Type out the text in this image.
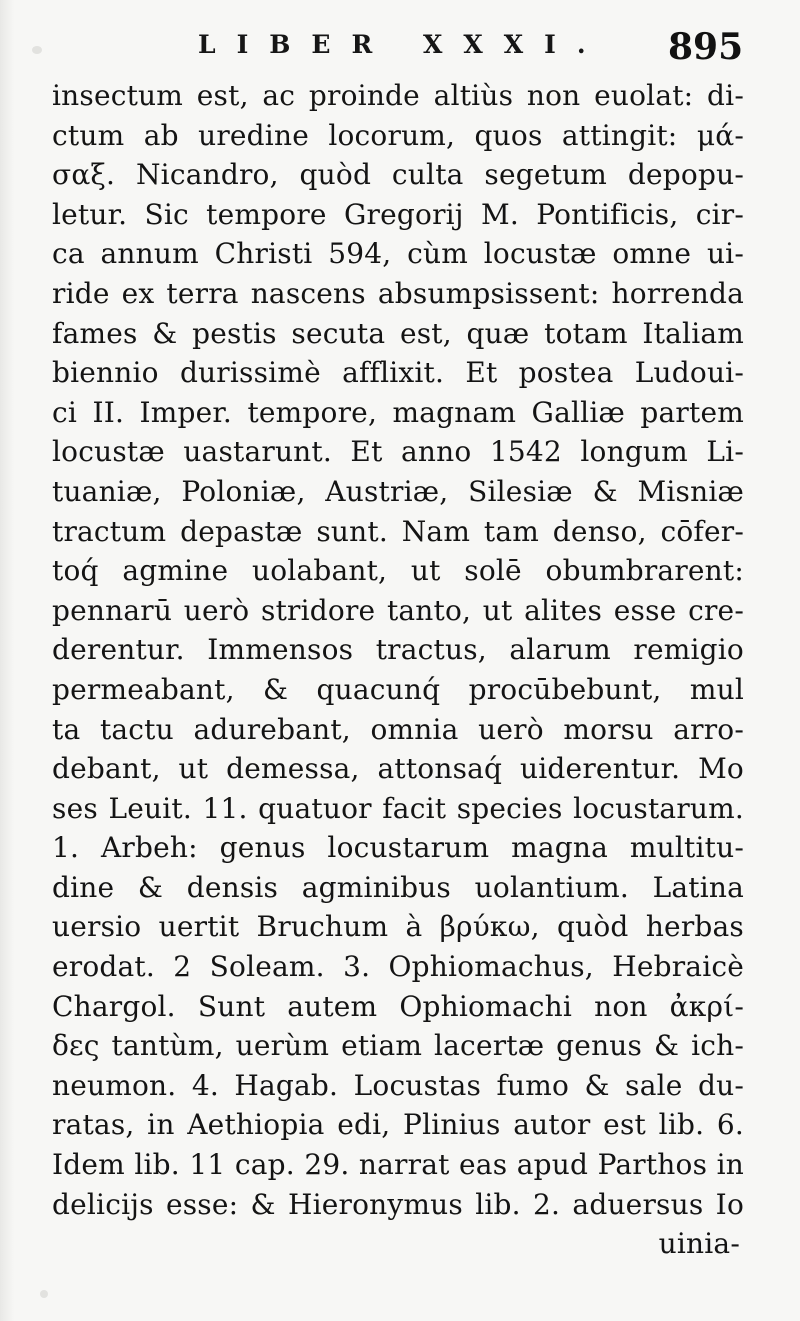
LIBER XXXI. 895
insectum est, ac proinde altiùs non euolat: di-
ctum ab uredine locorum, quos attingit: μά-
σαξ. Nicandro, quòd culta segetum depopu-
letur. Sic tempore Gregorij M. Pontificis, cir-
ca annum Christi 594, cùm locustæ omne ui-
ride ex terra nascens absumpsissent: horrenda
fames & pestis secuta est, quæ totam Italiam
biennio durissimè afflixit. Et postea Ludoui-
ci II. Imper. tempore, magnam Galliæ partem
locustæ uastarunt. Et anno 1542 longum Li-
tuaniæ, Poloniæ, Austriæ, Silesiæ & Misniæ
tractum depastæ sunt. Nam tam denso, cōfer-
toq́ agmine uolabant, ut solē obumbrarent:
pennarū uerò stridore tanto, ut alites esse cre-
derentur. Immensos tractus, alarum remigio
permeabant, & quacunq́ procūbebunt, mul
ta tactu adurebant, omnia uerò morsu arro-
debant, ut demessa, attonsaq́ uiderentur. Mo
ses Leuit. 11. quatuor facit species locustarum.
1. Arbeh: genus locustarum magna multitu-
dine & densis agminibus uolantium. Latina
uersio uertit Bruchum à βρύκω, quòd herbas
erodat. 2 Soleam. 3. Ophiomachus, Hebraicè
Chargol. Sunt autem Ophiomachi non ἀκρί-
δες tantùm, uerùm etiam lacertæ genus & ich-
neumon. 4. Hagab. Locustas fumo & sale du-
ratas, in Aethiopia edi, Plinius autor est lib. 6.
Idem lib. 11 cap. 29. narrat eas apud Parthos in
delicijs esse: & Hieronymus lib. 2. aduersus Io
uinia-
